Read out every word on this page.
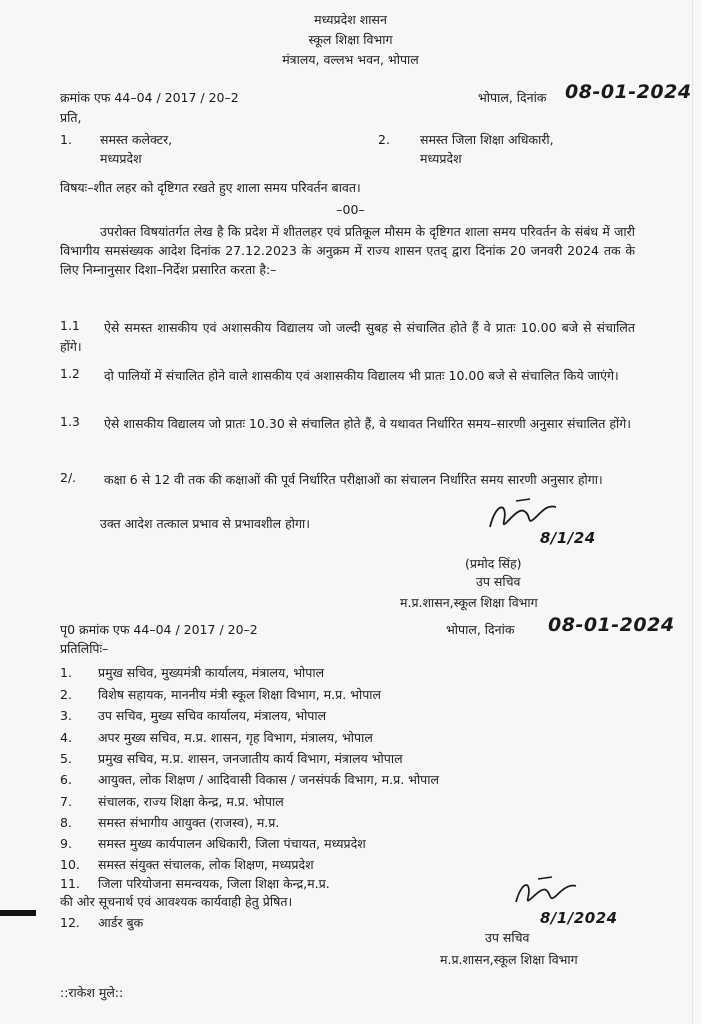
मध्यप्रदेश शासन
स्कूल शिक्षा विभाग
मंत्रालय, वल्लभ भवन, भोपाल
क्रमांक एफ 44–04 / 2017 / 20–2	भोपाल, दिनांक 08-01-2024
प्रति,
1. समस्त कलेक्टर,
मध्यप्रदेश
2. समस्त जिला शिक्षा अधिकारी,
मध्यप्रदेश
विषयः–शीत लहर को दृष्टिगत रखते हुए शाला समय परिवर्तन बावत।
–00–
उपरोक्त विषयांतर्गत लेख है कि प्रदेश में शीतलहर एवं प्रतिकूल मौसम के दृष्टिगत शाला समय परिवर्तन के संबंध में जारी विभागीय समसंख्यक आदेश दिनांक 27.12.2023 के अनुक्रम में राज्य शासन एतद् द्वारा दिनांक 20 जनवरी 2024 तक के लिए निम्नानुसार दिशा–निर्देश प्रसारित करता है:–
1.1	ऐसे समस्त शासकीय एवं अशासकीय विद्यालय जो जल्दी सुबह से संचालित होते हैं वे प्रातः 10.00 बजे से संचालित होंगे।
1.2	दो पालियों में संचालित होने वाले शासकीय एवं अशासकीय विद्यालय भी प्रातः 10.00 बजे से संचालित किये जाएंगे।
1.3	ऐसे शासकीय विद्यालय जो प्रातः 10.30 से संचालित होते हैं, वे यथावत निर्धारित समय–सारणी अनुसार संचालित होंगे।
2/.	कक्षा 6 से 12 वी तक की कक्षाओं की पूर्व निर्धारित परीक्षाओं का संचालन निर्धारित समय सारणी अनुसार होगा।
उक्त आदेश तत्काल प्रभाव से प्रभावशील होगा।
8/1/24
(प्रमोद सिंह)
उप सचिव
म.प्र.शासन,स्कूल शिक्षा विभाग
पृ0 क्रमांक एफ 44–04 / 2017 / 20–2	भोपाल, दिनांक 08-01-2024
प्रतिलिपिः–
1. प्रमुख सचिव, मुख्यमंत्री कार्यालय, मंत्रालय, भोपाल
2. विशेष सहायक, माननीय मंत्री स्कूल शिक्षा विभाग, म.प्र. भोपाल
3. उप सचिव, मुख्य सचिव कार्यालय, मंत्रालय, भोपाल
4. अपर मुख्य सचिव, म.प्र. शासन, गृह विभाग, मंत्रालय, भोपाल
5. प्रमुख सचिव, म.प्र. शासन, जनजातीय कार्य विभाग, मंत्रालय भोपाल
6. आयुक्त, लोक शिक्षण / आदिवासी विकास / जनसंपर्क विभाग, म.प्र. भोपाल
7. संचालक, राज्य शिक्षा केन्द्र, म.प्र. भोपाल
8. समस्त संभागीय आयुक्त (राजस्व), म.प्र.
9. समस्त मुख्य कार्यपालन अधिकारी, जिला पंचायत, मध्यप्रदेश
10. समस्त संयुक्त संचालक, लोक शिक्षण, मध्यप्रदेश
11. जिला परियोजना समन्वयक, जिला शिक्षा केन्द्र,म.प्र.
की ओर सूचनार्थ एवं आवश्यक कार्यवाही हेतु प्रेषित।
12. आर्डर बुक	8/1/2024
उप सचिव
म.प्र.शासन,स्कूल शिक्षा विभाग
::राकेश मुले::
